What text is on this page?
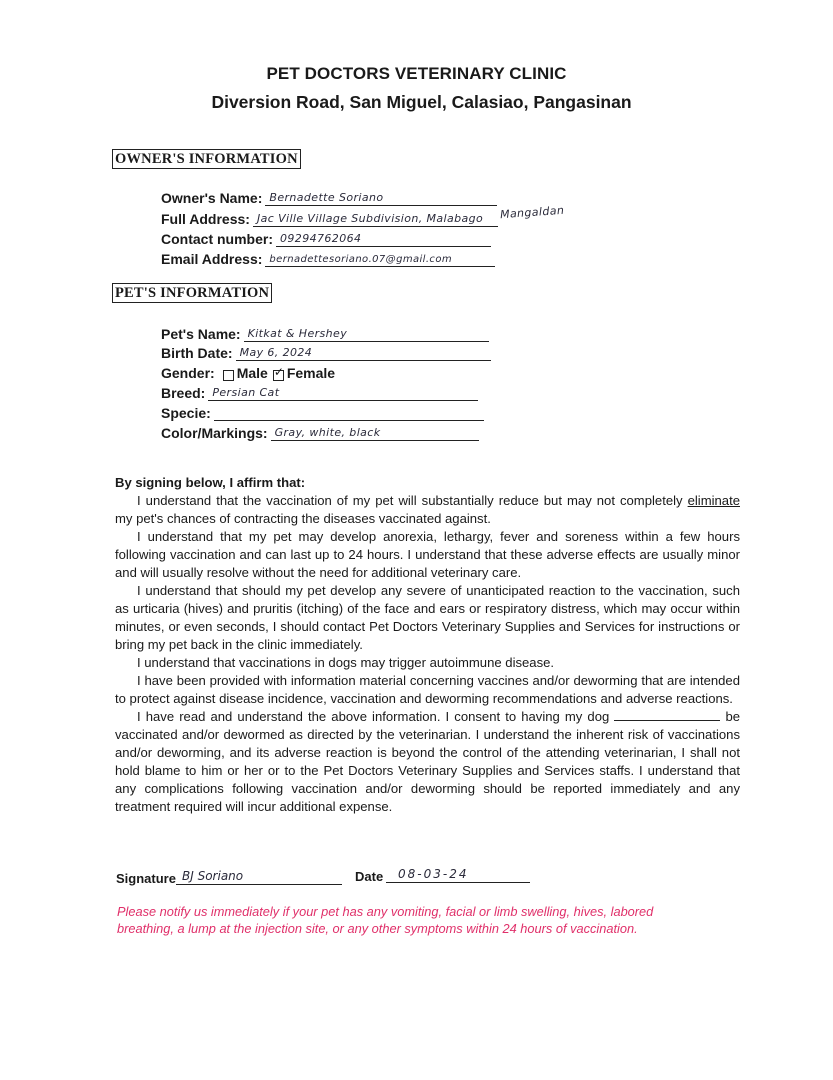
PET DOCTORS VETERINARY CLINIC
Diversion Road, San Miguel, Calasiao, Pangasinan
OWNER'S INFORMATION
Owner's Name: Bernadette Soriano
Full Address: Jac Ville Village Subdivision, Malabago Mangaldan
Contact number: 09294762064
Email Address: bernadettesoriano.07@gmail.com
PET'S INFORMATION
Pet's Name: Kitkat & Hershey
Birth Date: May 6, 2024
Gender: Male
✓ Female
Breed: Persian Cat
Specie:
Color/Markings: Gray, white, black

By signing below, I affirm that:

I understand that the vaccination of my pet will substantially reduce but may not completely eliminate my pet's chances of contracting the diseases vaccinated against.

I understand that my pet may develop anorexia, lethargy, fever and soreness within a few hours following vaccination and can last up to 24 hours. I understand that these adverse effects are usually minor and will usually resolve without the need for additional veterinary care.

I understand that should my pet develop any severe of unanticipated reaction to the vaccination, such as urticaria (hives) and pruritis (itching) of the face and ears or respiratory distress, which may occur within minutes, or even seconds, I should contact Pet Doctors Veterinary Supplies and Services for instructions or bring my pet back in the clinic immediately.

I understand that vaccinations in dogs may trigger autoimmune disease.

I have been provided with information material concerning vaccines and/or deworming that are intended to protect against disease incidence, vaccination and deworming recommendations and adverse reactions.

I have read and understand the above information. I consent to having my dog	be vaccinated and/or dewormed as directed by the veterinarian. I understand the inherent risk of vaccinations and/or deworming, and its adverse reaction is beyond the control of the attending veterinarian, I shall not hold blame to him or her or to the Pet Doctors Veterinary Supplies and Services staffs. I understand that any complications following vaccination and/or deworming should be reported immediately and any treatment required will incur additional expense.

Signature BJ Soriano	Date 08-03-24
Please notify us immediately if your pet has any vomiting, facial or limb swelling, hives, labored breathing, a lump at the injection site, or any other symptoms within 24 hours of vaccination.
